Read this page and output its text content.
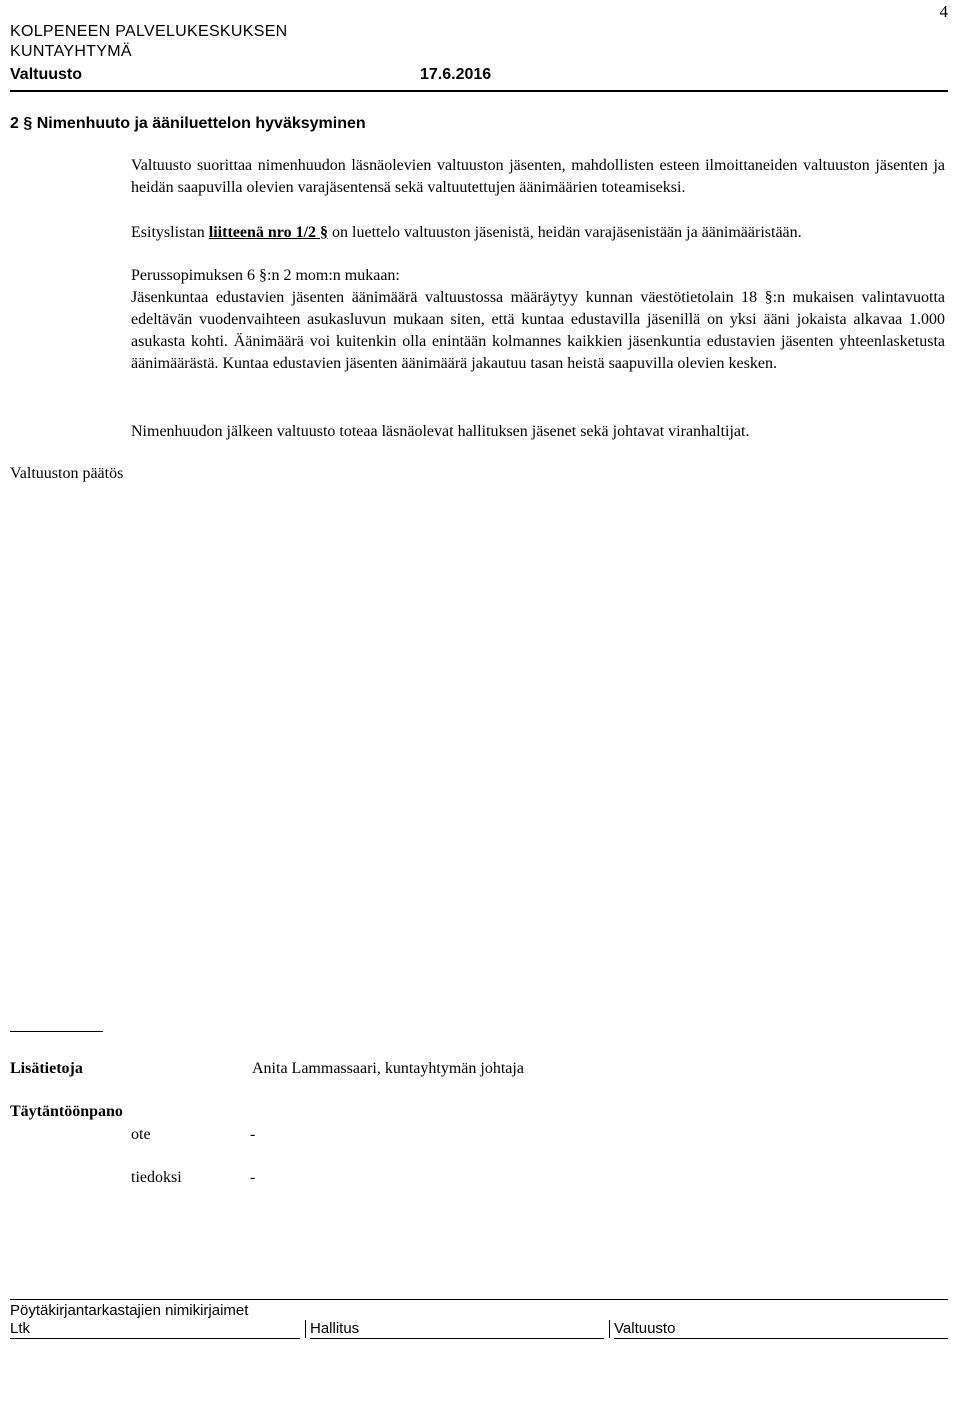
KOLPENEEN PALVELUKESKUKSEN
KUNTAYHTYMÄ
4
Valtuusto	17.6.2016
2 § Nimenhuuto ja ääniluettelon hyväksyminen

Valtuusto suorittaa nimenhuudon läsnäolevien valtuuston jäsenten, mahdollisten esteen ilmoittaneiden valtuuston jäsenten ja heidän saapuvilla olevien varajäsentensä sekä valtuutettujen äänimäärien toteamiseksi.

Esityslistan liitteenä nro 1/2 § on luettelo valtuuston jäsenistä, heidän varajäsenistään ja äänimääristään.

Perussopimuksen 6 §:n 2 mom:n mukaan:

Jäsenkuntaa edustavien jäsenten äänimäärä valtuustossa määräytyy kunnan väestötietolain 18 §:n mukaisen valintavuotta edeltävän vuodenvaihteen asukasluvun mukaan siten, että kuntaa edustavilla jäsenillä on yksi ääni jokaista alkavaa 1.000 asukasta kohti. Äänimäärä voi kuitenkin olla enintään kolmannes kaikkien jäsenkuntia edustavien jäsenten yhteenlasketusta äänimäärästä. Kuntaa edustavien jäsenten äänimäärä jakautuu tasan heistä saapuvilla olevien kesken.

Nimenhuudon jälkeen valtuusto toteaa läsnäolevat hallituksen jäsenet sekä johtavat viranhaltijat.

Valtuuston päätös
Lisätietoja	Anita Lammassaari, kuntayhtymän johtaja
Täytäntöönpano
ote	-
tiedoksi	-
Pöytäkirjantarkastajien nimikirjaimet
Ltk	Hallitus	Valtuusto
